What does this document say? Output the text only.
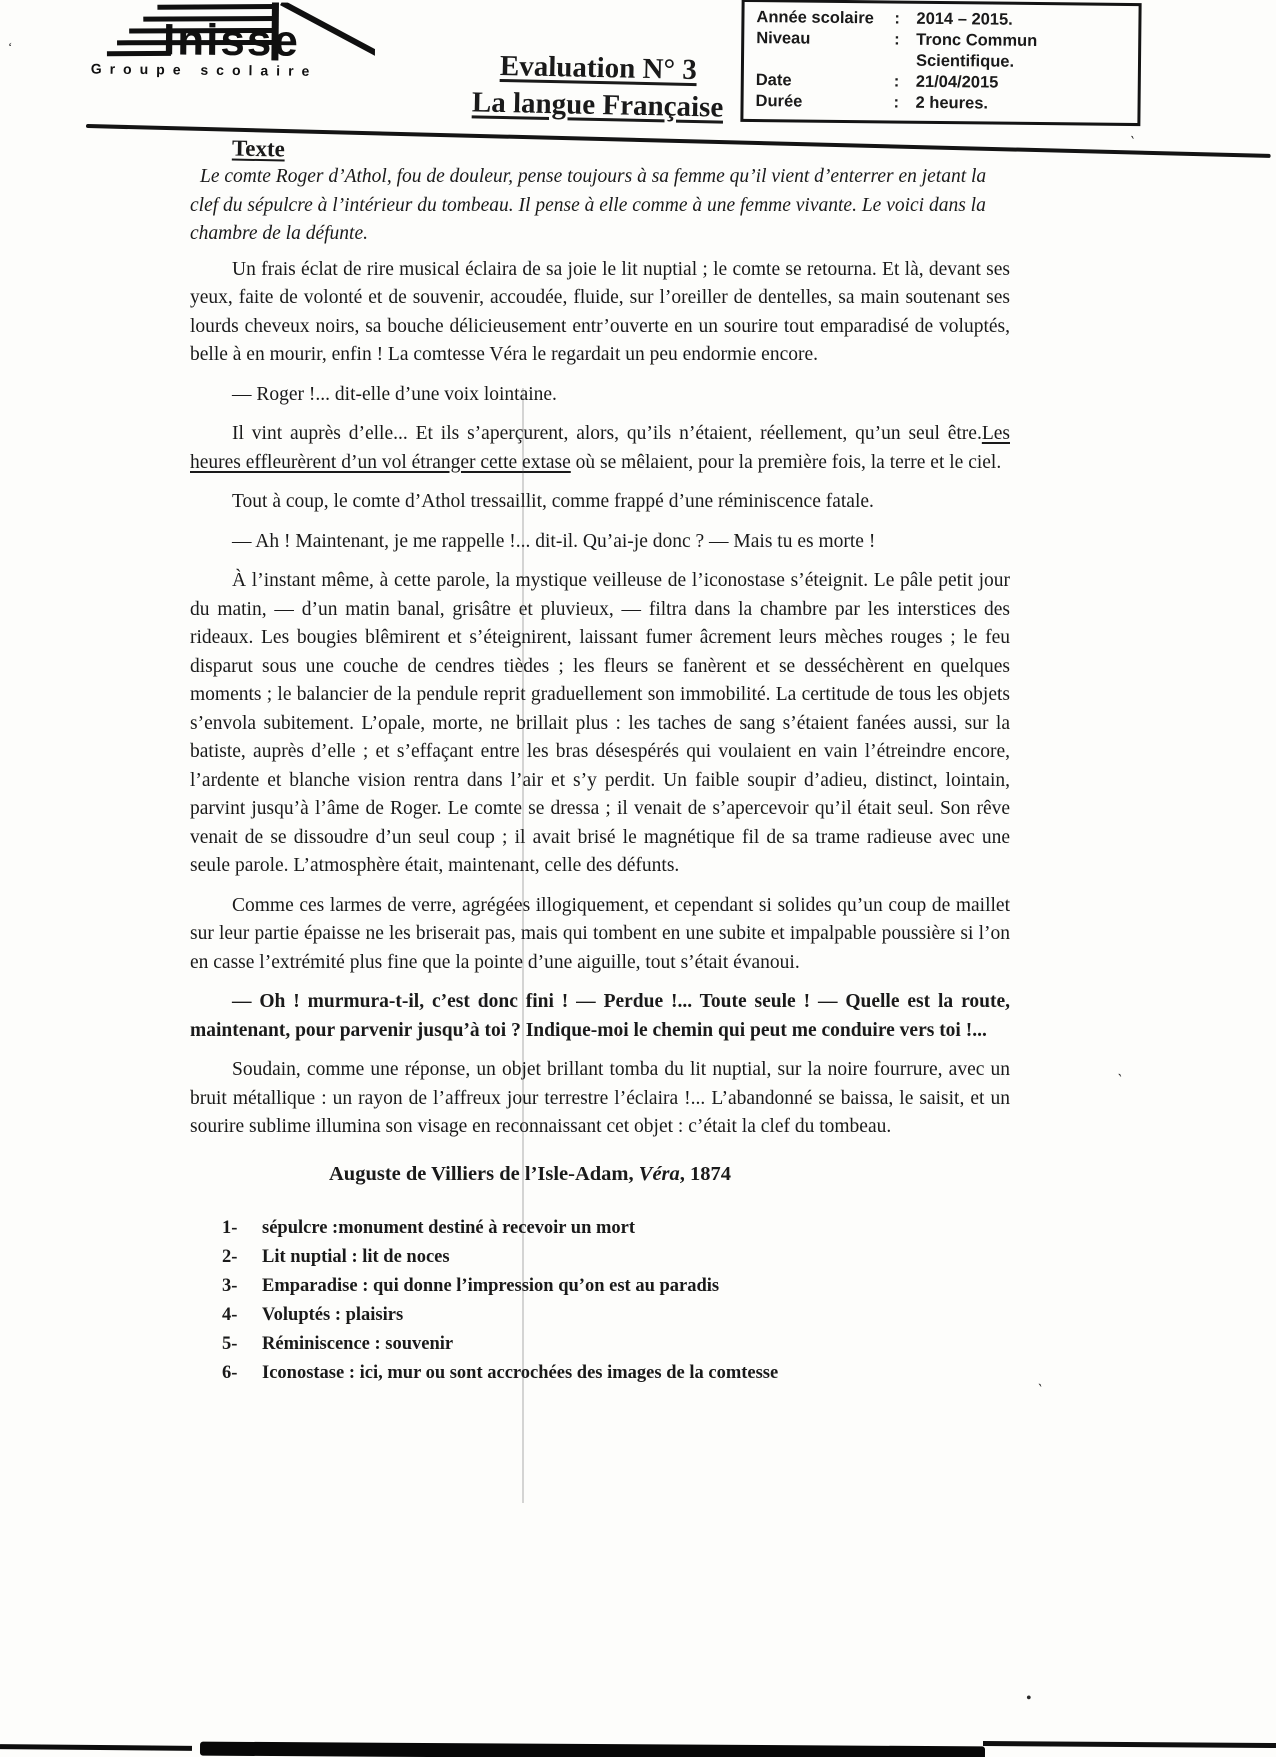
Inisse
Groupe scolaire	Evaluation N° 3
La langue Française
Année scolaire	: 2014 – 2015.
Niveau	: Tronc Commun Scientifique.
Date	: 21/04/2015
Durée	: 2 heures.
Texte

Le comte Roger d’Athol, fou de douleur, pense toujours à sa femme qu’il vient d’enterrer en jetant la clef du sépulcre à l’intérieur du tombeau. Il pense à elle comme à une femme vivante. Le voici dans la chambre de la défunte.

Un frais éclat de rire musical éclaira de sa joie le lit nuptial ; le comte se retourna. Et là, devant ses yeux, faite de volonté et de souvenir, accoudée, fluide, sur l’oreiller de dentelles, sa main soutenant ses lourds cheveux noirs, sa bouche délicieusement entr’ouverte en un sourire tout emparadisé de voluptés, belle à en mourir, enfin ! La comtesse Véra le regardait un peu endormie encore.

— Roger !... dit-elle d’une voix lointaine.

Il vint auprès d’elle... Et ils s’aperçurent, alors, qu’ils n’étaient, réellement, qu’un seul être.Les heures effleurèrent d’un vol étranger cette extase où se mêlaient, pour la première fois, la terre et le ciel.

Tout à coup, le comte d’Athol tressaillit, comme frappé d’une réminiscence fatale.

— Ah ! Maintenant, je me rappelle !... dit-il. Qu’ai-je donc ? — Mais tu es morte !

À l’instant même, à cette parole, la mystique veilleuse de l’iconostase s’éteignit. Le pâle petit jour du matin, — d’un matin banal, grisâtre et pluvieux, — filtra dans la chambre par les interstices des rideaux. Les bougies blêmirent et s’éteignirent, laissant fumer âcrement leurs mèches rouges ; le feu disparut sous une couche de cendres tièdes ; les fleurs se fanèrent et se desséchèrent en quelques moments ; le balancier de la pendule reprit graduellement son immobilité. La certitude de tous les objets s’envola subitement. L’opale, morte, ne brillait plus : les taches de sang s’étaient fanées aussi, sur la batiste, auprès d’elle ; et s’effaçant entre les bras désespérés qui voulaient en vain l’étreindre encore, l’ardente et blanche vision rentra dans l’air et s’y perdit. Un faible soupir d’adieu, distinct, lointain, parvint jusqu’à l’âme de Roger. Le comte se dressa ; il venait de s’apercevoir qu’il était seul. Son rêve venait de se dissoudre d’un seul coup ; il avait brisé le magnétique fil de sa trame radieuse avec une seule parole. L’atmosphère était, maintenant, celle des défunts.

Comme ces larmes de verre, agrégées illogiquement, et cependant si solides qu’un coup de maillet sur leur partie épaisse ne les briserait pas, mais qui tombent en une subite et impalpable poussière si l’on en casse l’extrémité plus fine que la pointe d’une aiguille, tout s’était évanoui.

— Oh ! murmura-t-il, c’est donc fini ! — Perdue !... Toute seule ! — Quelle est la route, maintenant, pour parvenir jusqu’à toi ? Indique-moi le chemin qui peut me conduire vers toi !...

Soudain, comme une réponse, un objet brillant tomba du lit nuptial, sur la noire fourrure, avec un bruit métallique : un rayon de l’affreux jour terrestre l’éclaira !... L’abandonné se baissa, le saisit, et un sourire sublime illumina son visage en reconnaissant cet objet : c’était la clef du tombeau.

Auguste de Villiers de l’Isle-Adam, Véra, 1874
1-	sépulcre :monument destiné à recevoir un mort
2-	Lit nuptial : lit de noces
3-	Emparadise : qui donne l’impression qu’on est au paradis
4-	Voluptés : plaisirs
5-	Réminiscence : souvenir
6-	Iconostase : ici, mur ou sont accrochées des images de la comtesse
`
`
`
•
‘
